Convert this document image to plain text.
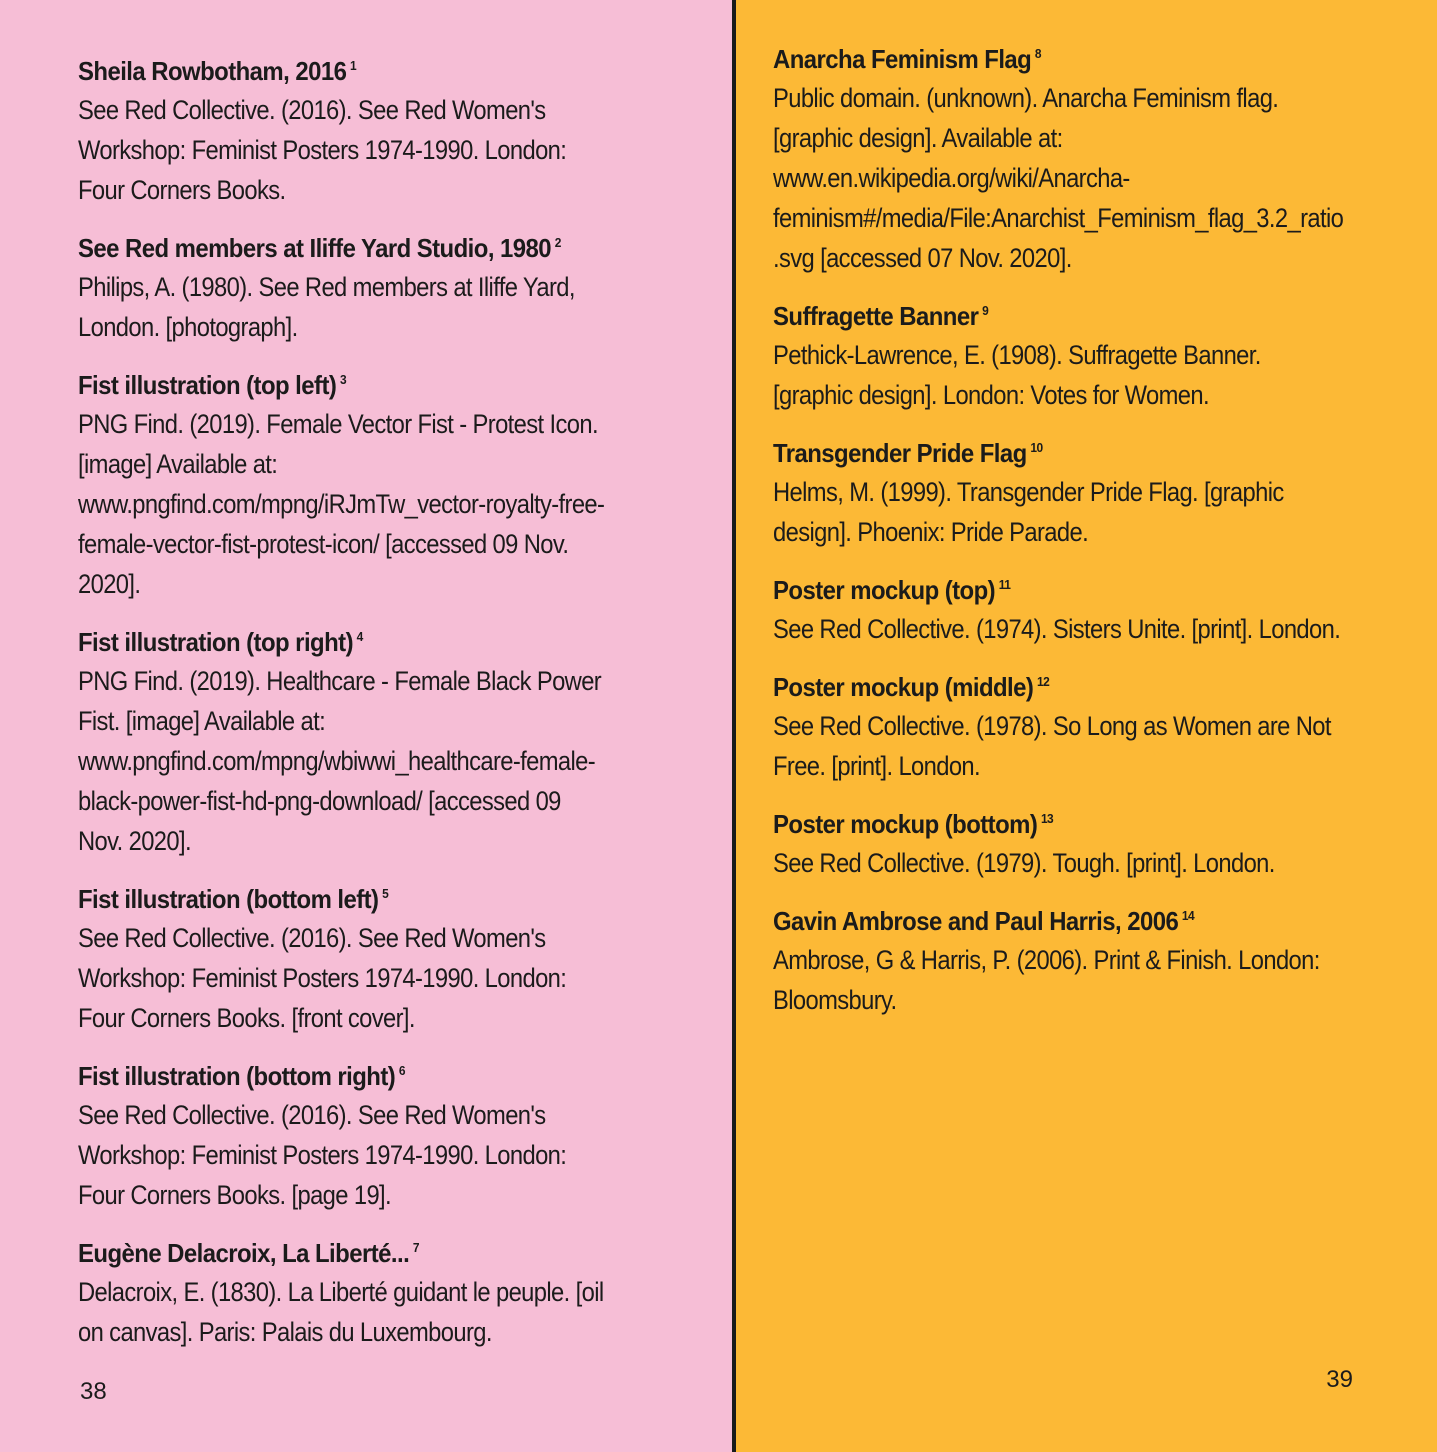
Sheila Rowbotham, 2016 $^1$
See Red Collective. (2016). See Red Women's Workshop: Feminist Posters 1974-1990. London: Four Corners Books.
See Red members at Iliffe Yard Studio, 1980 $^2$
Philips, A. (1980). See Red members at Iliffe Yard, London. [photograph].
Fist illustration (top left) $^3$
PNG Find. (2019). Female Vector Fist - Protest Icon. [image] Available at: www.pngfind.com/mpng/iRJmTw_vector-royalty-free-female-vector-fist-protest-icon/ [accessed 09 Nov. 2020].
Fist illustration (top right) $^4$
PNG Find. (2019). Healthcare - Female Black Power Fist. [image] Available at: www.pngfind.com/mpng/wbiwwi_healthcare-female-black-power-fist-hd-png-download/ [accessed 09 Nov. 2020].
Fist illustration (bottom left) $^5$
See Red Collective. (2016). See Red Women's Workshop: Feminist Posters 1974-1990. London: Four Corners Books. [front cover].
Fist illustration (bottom right) $^6$
See Red Collective. (2016). See Red Women's Workshop: Feminist Posters 1974-1990. London: Four Corners Books. [page 19].
Eugène Delacroix, La Liberté... $^7$
Delacroix, E. (1830). La Liberté guidant le peuple. [oil on canvas]. Paris: Palais du Luxembourg.
38
Anarcha Feminism Flag $^8$
Public domain. (unknown). Anarcha Feminism flag. [graphic design]. Available at: www.en.wikipedia.org/wiki/Anarcha-feminism#/media/File:Anarchist_Feminism_flag_3.2_ratio.svg [accessed 07 Nov. 2020].
Suffragette Banner $^9$
Pethick-Lawrence, E. (1908). Suffragette Banner. [graphic design]. London: Votes for Women.
Transgender Pride Flag $^{10}$
Helms, M. (1999). Transgender Pride Flag. [graphic design]. Phoenix: Pride Parade.
Poster mockup (top) $^{11}$
See Red Collective. (1974). Sisters Unite. [print]. London.
Poster mockup (middle) $^{12}$
See Red Collective. (1978). So Long as Women are Not Free. [print]. London.
Poster mockup (bottom) $^{13}$
See Red Collective. (1979). Tough. [print]. London.
Gavin Ambrose and Paul Harris, 2006 $^{14}$
Ambrose, G & Harris, P. (2006). Print & Finish. London: Bloomsbury.
39
